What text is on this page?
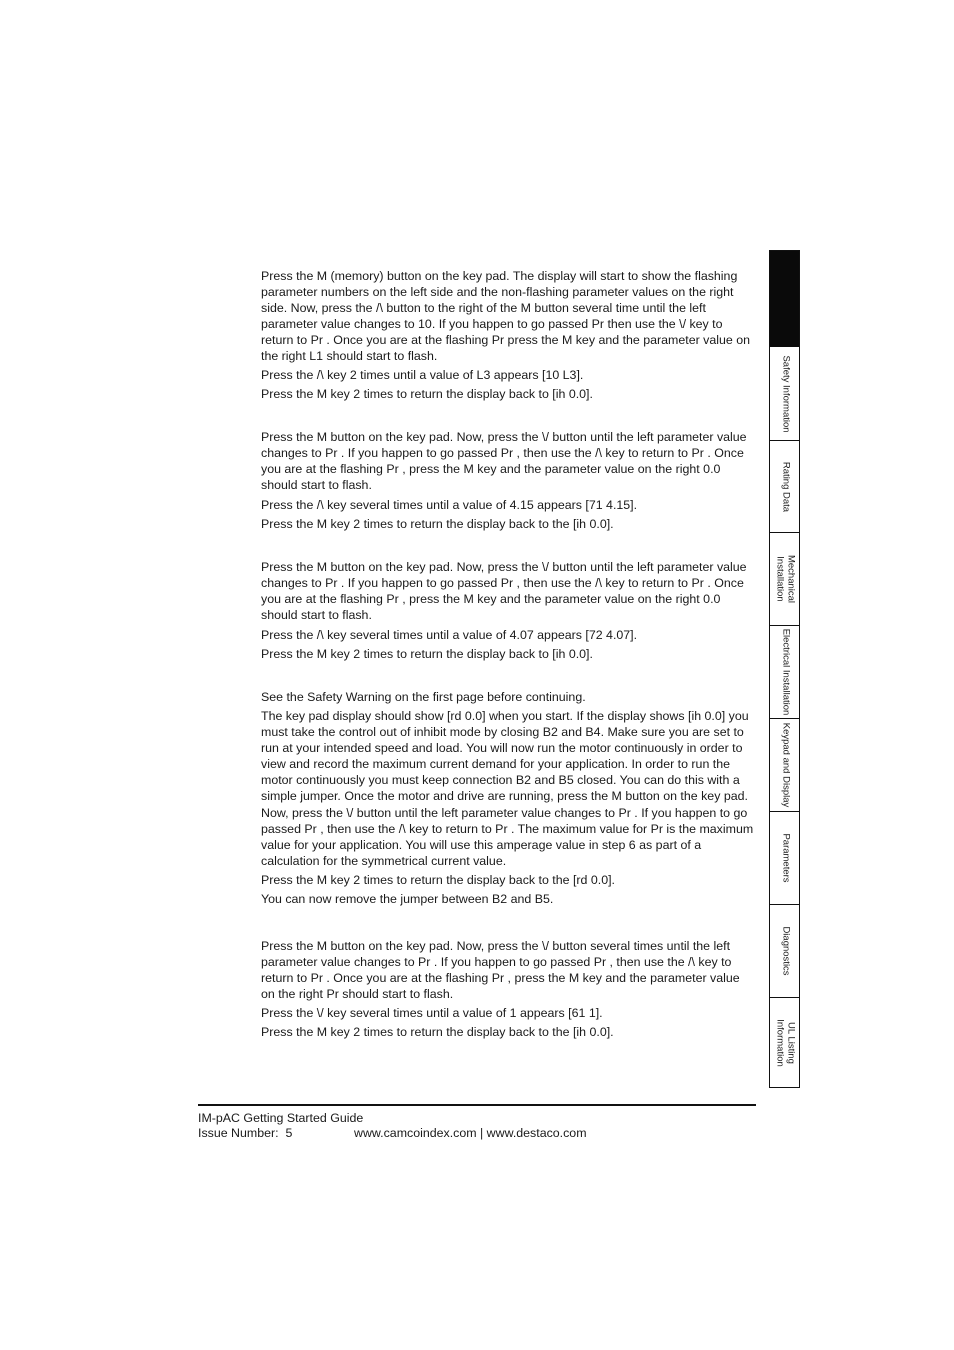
Press the M (memory) button on the key pad. The display will start to show the flashing parameter numbers on the left side and the non-flashing parameter values on the right side. Now, press the /\ button to the right of the M button several time until the left parameter value changes to 10. If you happen to go passed Pr then use the \/ key to return to Pr . Once you are at the flashing Pr press the M key and the parameter value on the right L1 should start to flash.

Press the /\ key 2 times until a value of L3 appears [10 L3].

Press the M key 2 times to return the display back to [ih 0.0].

Press the M button on the key pad. Now, press the \/ button until the left parameter value changes to Pr . If you happen to go passed Pr , then use the /\ key to return to Pr . Once you are at the flashing Pr , press the M key and the parameter value on the right 0.0 should start to flash.

Press the /\ key several times until a value of 4.15 appears [71 4.15].

Press the M key 2 times to return the display back to the [ih 0.0].

Press the M button on the key pad. Now, press the \/ button until the left parameter value changes to Pr . If you happen to go passed Pr , then use the /\ key to return to Pr . Once you are at the flashing Pr , press the M key and the parameter value on the right 0.0 should start to flash.

Press the /\ key several times until a value of 4.07 appears [72 4.07].

Press the M key 2 times to return the display back to [ih 0.0].

See the Safety Warning on the first page before continuing.

The key pad display should show [rd 0.0] when you start. If the display shows [ih 0.0] you must take the control out of inhibit mode by closing B2 and B4. Make sure you are set to run at your intended speed and load. You will now run the motor continuously in order to view and record the maximum current demand for your application. In order to run the motor continuously you must keep connection B2 and B5 closed. You can do this with a simple jumper. Once the motor and drive are running, press the M button on the key pad. Now, press the \/ button until the left parameter value changes to Pr . If you happen to go passed Pr , then use the /\ key to return to Pr . The maximum value for Pr is the maximum value for your application. You will use this amperage value in step 6 as part of a calculation for the symmetrical current value.

Press the M key 2 times to return the display back to the [rd 0.0].

You can now remove the jumper between B2 and B5.

Press the M button on the key pad. Now, press the \/ button several times until the left parameter value changes to Pr . If you happen to go passed Pr , then use the /\ key to return to Pr . Once you are at the flashing Pr , press the M key and the parameter value on the right Pr should start to flash.

Press the \/ key several times until a value of 1 appears [61 1].

Press the M key 2 times to return the display back to the [ih 0.0].

Safety Information
Rating Data
Mechanical
Installation
Electrical Installation
Keypad and Display
Parameters
Diagnostics
UL Listing
Information
IM-pAC Getting Started Guide
Issue Number:  5	www.camcoindex.com | www.destaco.com
